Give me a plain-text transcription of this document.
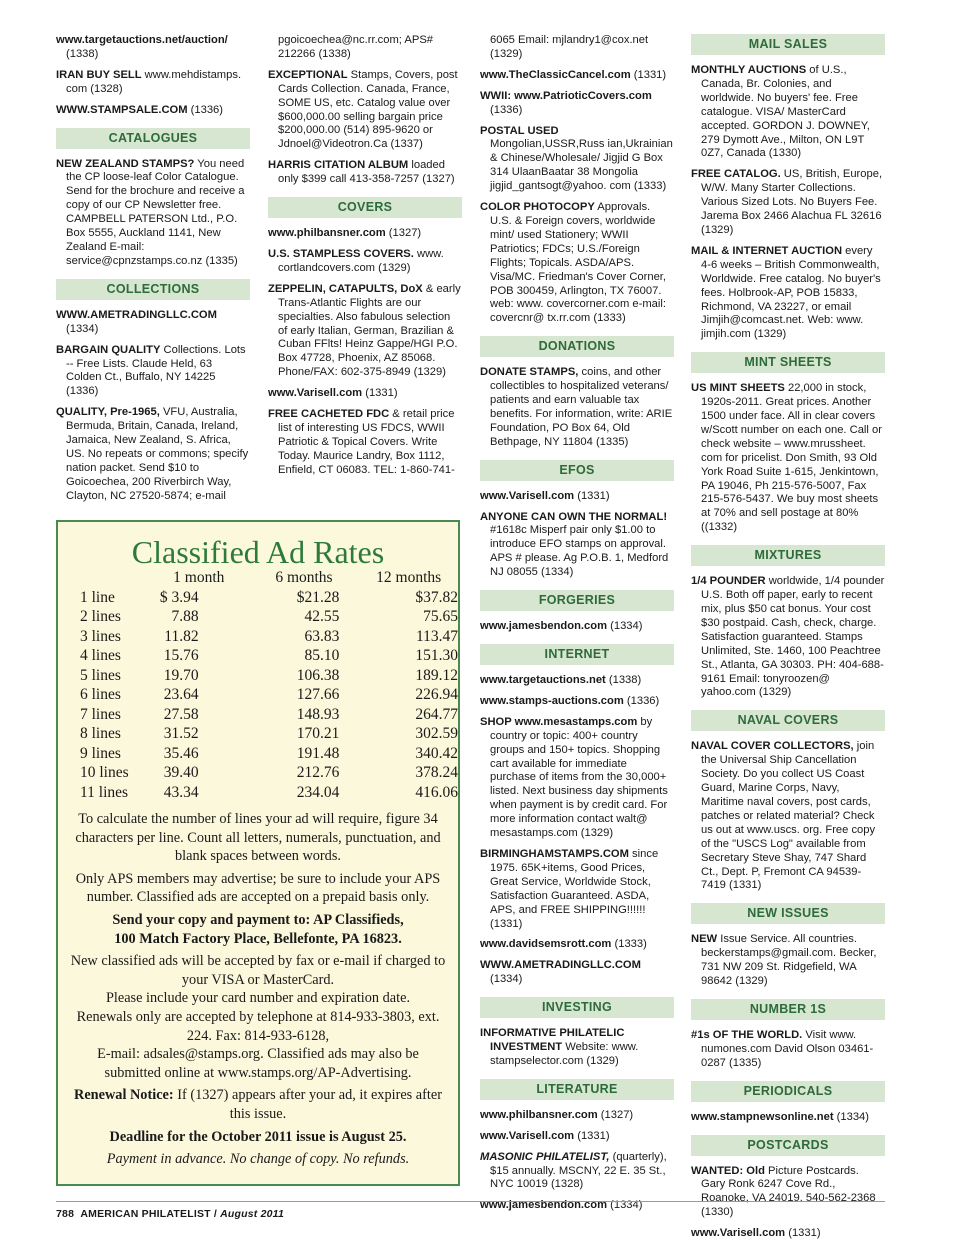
www.targetauctions.net/auction/ (1338)
IRAN BUY SELL www.mehdistamps. com (1328)
WWW.STAMPSALE.COM (1336)
CATALOGUES
NEW ZEALAND STAMPS? You need the CP loose-leaf Color Catalogue. Send for the brochure and receive a copy of our CP Newsletter free. CAMPBELL PATERSON Ltd., P.O. Box 5555, Auckland 1141, New Zealand E-mail: service@cpnzstamps.co.nz (1335)
COLLECTIONS
WWW.AMETRADINGLLC.COM (1334)
BARGAIN QUALITY Collections. Lots -- Free Lists. Claude Held, 63 Colden Ct., Buffalo, NY 14225 (1336)
QUALITY, Pre-1965, VFU, Australia, Bermuda, Britain, Canada, Ireland, Jamaica, New Zealand, S. Africa, US. No repeats or commons; specify nation packet. Send $10 to Goicoechea, 200 Riverbirch Way, Clayton, NC 27520-5874; e-mail
pgoicoechea@nc.rr.com; APS# 212266 (1338)
EXCEPTIONAL Stamps, Covers, post Cards Collection. Canada, France, SOME US, etc. Catalog value over $600,000.00 selling bargain price $200,000.00 (514) 895-9620 or Jdnoel@Videotron.Ca (1337)
HARRIS CITATION ALBUM loaded only $399 call 413-358-7257 (1327)
COVERS
www.philbansner.com (1327)
U.S. STAMPLESS COVERS. www. cortlandcovers.com (1329)
ZEPPELIN, CATAPULTS, DoX & early Trans-Atlantic Flights are our specialties. Also fabulous selection of early Italian, German, Brazilian & Cuban FFlts! Heinz Gappe/HGI P.O. Box 47728, Phoenix, AZ 85068. Phone/FAX: 602-375-8949 (1329)
www.Varisell.com (1331)
FREE CACHETED FDC & retail price list of interesting US FDCS, WWII Patriotic & Topical Covers. Write Today. Maurice Landry, Box 1112, Enfield, CT 06083. TEL: 1-860-741-
6065 Email: mjlandry1@cox.net (1329)
www.TheClassicCancel.com (1331)
WWII: www.PatrioticCovers.com (1336)
POSTAL USED Mongolian,USSR,Russ ian,Ukrainian & Chinese/Wholesale/ Jigjid G Box 314 UlaanBaatar 38 Mongolia jigjid_gantsogt@yahoo. com (1333)
COLOR PHOTOCOPY Approvals. U.S. & Foreign covers, worldwide mint/ used Stationery; WWII Patriotics; FDCs; U.S./Foreign Flights; Topicals. ASDA/APS. Visa/MC. Friedman's Cover Corner, POB 300459, Arlington, TX 76007. web: www. covercorner.com e-mail: covercnr@ tx.rr.com (1333)
DONATIONS
DONATE STAMPS, coins, and other collectibles to hospitalized veterans/ patients and earn valuable tax benefits. For information, write: ARIE Foundation, PO Box 64, Old Bethpage, NY 11804 (1335)
EFOS
www.Varisell.com (1331)
ANYONE CAN OWN THE NORMAL! #1618c Misperf pair only $1.00 to introduce EFO stamps on approval. APS # please. Ag P.O.B. 1, Medford NJ 08055 (1334)
FORGERIES
www.jamesbendon.com (1334)
INTERNET
www.targetauctions.net (1338)
www.stamps-auctions.com (1336)
SHOP www.mesastamps.com by country or topic: 400+ country groups and 150+ topics. Shopping cart available for immediate purchase of items from the 30,000+ listed. Next business day shipments when payment is by credit card. For more information contact walt@ mesastamps.com (1329)
BIRMINGHAMSTAMPS.COM since 1975. 65K+items, Good Prices, Great Service, Worldwide Stock, Satisfaction Guaranteed. ASDA, APS, and FREE SHIPPING!!!!!! (1331)
www.davidsemsrott.com (1333)
WWW.AMETRADINGLLC.COM (1334)
INVESTING
INFORMATIVE PHILATELIC INVESTMENT Website: www. stampselector.com (1329)
LITERATURE
www.philbansner.com (1327)
www.Varisell.com (1331)
MASONIC PHILATELIST, (quarterly), $15 annually. MSCNY, 22 E. 35 St., NYC 10019 (1328)
www.jamesbendon.com (1334)
MAIL SALES
MONTHLY AUCTIONS of U.S., Canada, Br. Colonies, and worldwide. No buyers' fee. Free catalogue. VISA/ MasterCard accepted. GORDON J. DOWNEY, 279 Dymott Ave., Milton, ON L9T 0Z7, Canada (1330)
FREE CATALOG. US, British, Europe, W/W. Many Starter Collections. Various Sized Lots. No Buyers Fee. Jarema Box 2466 Alachua FL 32616 (1329)
MAIL & INTERNET AUCTION every 4-6 weeks – British Commonwealth, Worldwide. Free catalog. No buyer's fees. Holbrook-AP, POB 15833, Richmond, VA 23227, or email Jimjih@comcast.net. Web: www. jimjih.com (1329)
MINT SHEETS
US MINT SHEETS 22,000 in stock, 1920s-2011. Great prices. Another 1500 under face. All in clear covers w/Scott number on each one. Call or check website – www.mrussheet. com for pricelist. Don Smith, 93 Old York Road Suite 1-615, Jenkintown, PA 19046, Ph 215-576-5007, Fax 215-576-5437. We buy most sheets at 70% and sell postage at 80% ((1332)
MIXTURES
1/4 POUNDER worldwide, 1/4 pounder U.S. Both off paper, early to recent mix, plus $50 cat bonus. Your cost $30 postpaid. Cash, check, charge. Satisfaction guaranteed. Stamps Unlimited, Ste. 1460, 100 Peachtree St., Atlanta, GA 30303. PH: 404-688-9161 Email: tonyroozen@ yahoo.com (1329)
NAVAL COVERS
NAVAL COVER COLLECTORS, join the Universal Ship Cancellation Society. Do you collect US Coast Guard, Marine Corps, Navy, Maritime naval covers, post cards, patches or related material? Check us out at www.uscs. org. Free copy of the "USCS Log" available from Secretary Steve Shay, 747 Shard Ct., Dept. P, Fremont CA 94539-7419 (1331)
NEW ISSUES
NEW Issue Service. All countries. beckerstamps@gmail.com. Becker, 731 NW 209 St. Ridgefield, WA 98642 (1329)
NUMBER 1S
#1s OF THE WORLD. Visit www. numones.com David Olson 03461-0287 (1335)
PERIODICALS
www.stampnewsonline.net (1334)
POSTCARDS
WANTED: Old Picture Postcards. Gary Ronk 6247 Cove Rd., Roanoke, VA 24019. 540-562-2368 (1330)
www.Varisell.com (1331)
Classified Ad Rates
	1 month	6 months	12 months
1 line	$ 3.94	$21.28	$37.82
2 lines	7.88	42.55	75.65
3 lines	11.82	63.83	113.47
4 lines	15.76	85.10	151.30
5 lines	19.70	106.38	189.12
6 lines	23.64	127.66	226.94
7 lines	27.58	148.93	264.77
8 lines	31.52	170.21	302.59
9 lines	35.46	191.48	340.42
10 lines	39.40	212.76	378.24
11 lines	43.34	234.04	416.06

To calculate the number of lines your ad will require, figure 34 characters per line. Count all letters, numerals, punctuation, and blank spaces between words.

Only APS members may advertise; be sure to include your APS number. Classified ads are accepted on a prepaid basis only.

Send your copy and payment to: AP Classifieds,

100 Match Factory Place, Bellefonte, PA 16823.

New classified ads will be accepted by fax or e-mail if charged to your VISA or MasterCard.

Please include your card number and expiration date.

Renewals only are accepted by telephone at 814-933-3803, ext. 224. Fax: 814-933-6128,

E-mail: adsales@stamps.org. Classified ads may also be submitted online at www.stamps.org/AP-Advertising.

Renewal Notice: If (1327) appears after your ad, it expires after this issue.

Deadline for the October 2011 issue is August 25.

Payment in advance. No change of copy. No refunds.

788 AMERICAN PHILATELIST / August 2011
